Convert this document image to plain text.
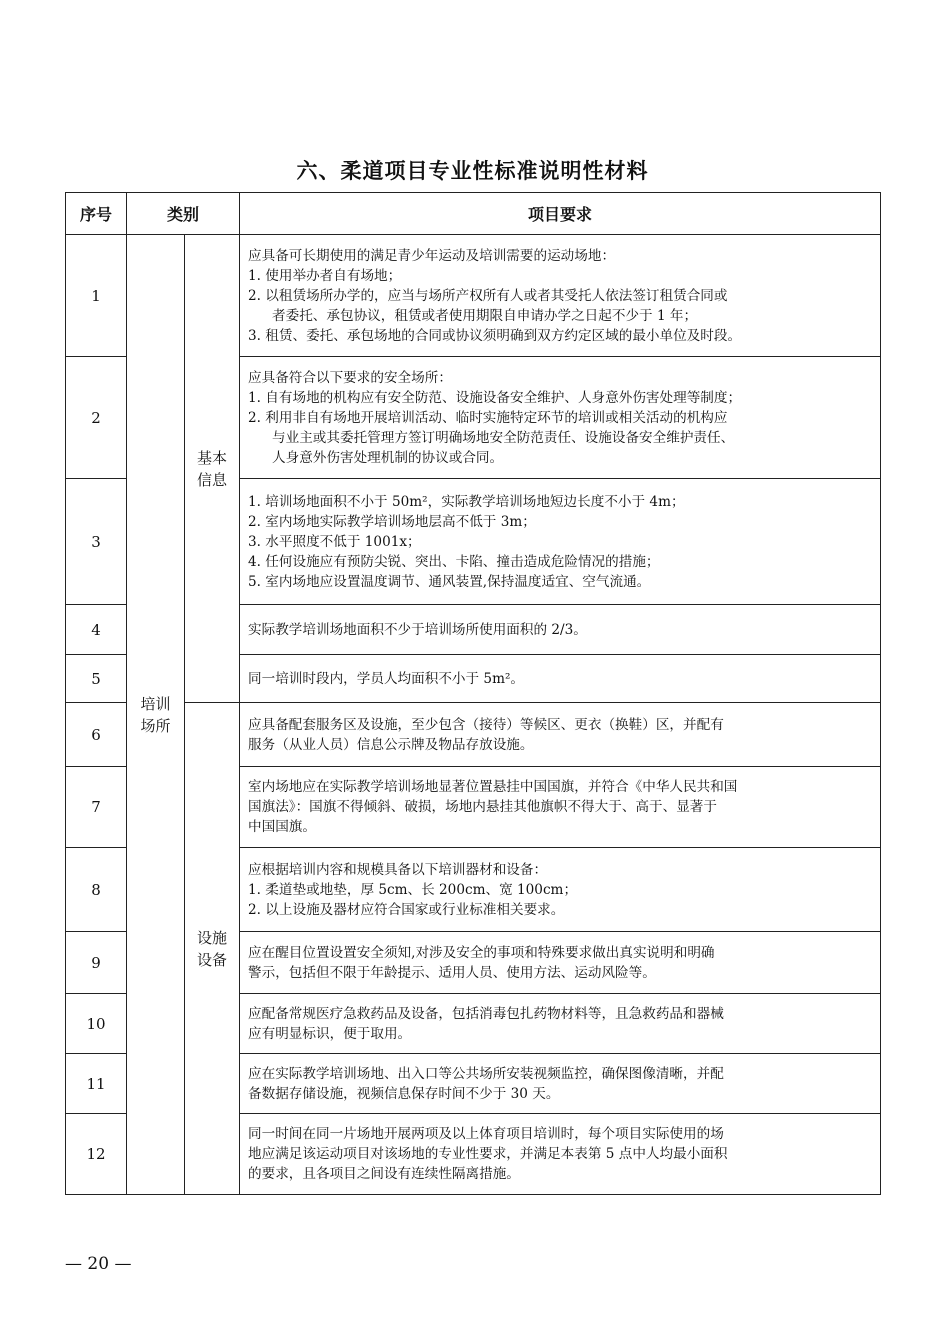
六、柔道项目专业性标准说明性材料
序号	类别		项目要求
1	培训场所	基本信息	应具备可长期使用的满足青少年运动及培训需要的运动场地：
1. 使用举办者自有场地；
2. 以租赁场所办学的，应当与场所产权所有人或者其受托人依法签订租赁合同或
者委托、承包协议，租赁或者使用期限自申请办学之日起不少于 1 年；
3. 租赁、委托、承包场地的合同或协议须明确到双方约定区域的最小单位及时段。

2			应具备符合以下要求的安全场所：
1. 自有场地的机构应有安全防范、设施设备安全维护、人身意外伤害处理等制度；
2. 利用非自有场地开展培训活动、临时实施特定环节的培训或相关活动的机构应
与业主或其委托管理方签订明确场地安全防范责任、设施设备安全维护责任、
人身意外伤害处理机制的协议或合同。

3			1. 培训场地面积不小于 50m²，实际教学培训场地短边长度不小于 4m；
2. 室内场地实际教学培训场地层高不低于 3m；
3. 水平照度不低于 1001x；
4. 任何设施应有预防尖锐、突出、卡陷、撞击造成危险情况的措施；
5. 室内场地应设置温度调节、通风装置,保持温度适宜、空气流通。

4			实际教学培训场地面积不少于培训场所使用面积的 2/3。

5			同一培训时段内，学员人均面积不小于 5m²。

6		设施设备	应具备配套服务区及设施，至少包含（接待）等候区、更衣（换鞋）区，并配有
服务（从业人员）信息公示牌及物品存放设施。

7			室内场地应在实际教学培训场地显著位置悬挂中国国旗，并符合《中华人民共和国
国旗法》：国旗不得倾斜、破损，场地内悬挂其他旗帜不得大于、高于、显著于
中国国旗。

8			应根据培训内容和规模具备以下培训器材和设备：
1. 柔道垫或地垫，厚 5cm、长 200cm、宽 100cm；
2. 以上设施及器材应符合国家或行业标准相关要求。

9			应在醒目位置设置安全须知,对涉及安全的事项和特殊要求做出真实说明和明确
警示，包括但不限于年龄提示、适用人员、使用方法、运动风险等。

10			应配备常规医疗急救药品及设备，包括消毒包扎药物材料等，且急救药品和器械
应有明显标识，便于取用。

11			应在实际教学培训场地、出入口等公共场所安装视频监控，确保图像清晰，并配
备数据存储设施，视频信息保存时间不少于 30 天。

12			同一时间在同一片场地开展两项及以上体育项目培训时，每个项目实际使用的场
地应满足该运动项目对该场地的专业性要求，并满足本表第 5 点中人均最小面积
的要求，且各项目之间设有连续性隔离措施。
— 20 —
